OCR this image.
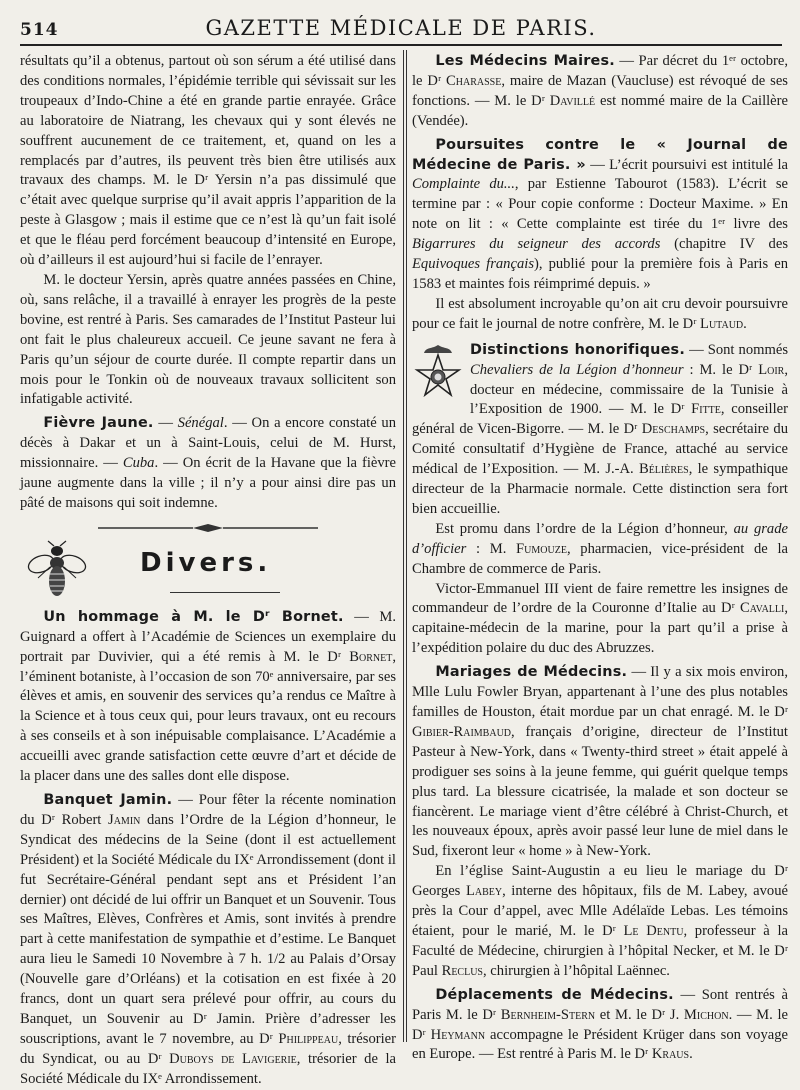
514	GAZETTE MÉDICALE DE PARIS.

résultats qu’il a obtenus, partout où son sérum a été utilisé dans des conditions normales, l’épidémie terrible qui sévissait sur les troupeaux d’Indo-Chine a été en grande partie enrayée. Grâce au laboratoire de Niatrang, les chevaux qui y sont élevés ne souffrent aucunement de ce traitement, et, quand on les a remplacés par d’autres, ils peuvent très bien être utilisés aux travaux des champs. M. le Dʳ Yersin n’a pas dissimulé que c’était avec quelque surprise qu’il avait appris l’apparition de la peste à Glasgow ; mais il estime que ce n’est là qu’un fait isolé et que le fléau perd forcément beaucoup d’intensité en Europe, où d’ailleurs il est aujourd’hui si facile de l’enrayer.

M. le docteur Yersin, après quatre années passées en Chine, où, sans relâche, il a travaillé à enrayer les progrès de la peste bovine, est rentré à Paris. Ses camarades de l’Institut Pasteur lui ont fait le plus chaleureux accueil. Ce jeune savant ne fera à Paris qu’un séjour de courte durée. Il compte repartir dans un mois pour le Tonkin où de nouveaux travaux sollicitent son infatigable activité.

Fièvre Jaune. — Sénégal. — On a encore constaté un décès à Dakar et un à Saint-Louis, celui de M. Hurst, missionnaire. — Cuba. — On écrit de la Havane que la fièvre jaune augmente dans la ville ; il n’y a pour ainsi dire pas un pâté de maisons qui soit indemne.

Divers.

Un hommage à M. le Dʳ Bornet. — M. Guignard a offert à l’Académie de Sciences un exemplaire du portrait par Duvivier, qui a été remis à M. le Dʳ Bornet, l’éminent botaniste, à l’occasion de son 70ᵉ anniversaire, par ses élèves et amis, en souvenir des services qu’a rendus ce Maître à la Science et à tous ceux qui, pour leurs travaux, ont eu recours à ses conseils et à son inépuisable complaisance. L’Académie a accueilli avec grande satisfaction cette œuvre d’art et décide de la placer dans une des salles dont elle dispose.

Banquet Jamin. — Pour fêter la récente nomination du Dʳ Robert Jamin dans l’Ordre de la Légion d’honneur, le Syndicat des médecins de la Seine (dont il est actuellement Président) et la Société Médicale du IXᵉ Arrondissement (dont il fut Secrétaire-Général pendant sept ans et Président l’an dernier) ont décidé de lui offrir un Banquet et un Souvenir. Tous ses Maîtres, Elèves, Confrères et Amis, sont invités à prendre part à cette manifestation de sympathie et d’estime. Le Banquet aura lieu le Samedi 10 Novembre à 7 h. 1/2 au Palais d’Orsay (Nouvelle gare d’Orléans) et la cotisation en est fixée à 20 francs, dont un quart sera prélevé pour offrir, au cours du Banquet, un Souvenir au Dʳ Jamin. Prière d’adresser les souscriptions, avant le 7 novembre, au Dʳ Philippeau, trésorier du Syndicat, ou au Dʳ Duboys de Lavigerie, trésorier de la Société Médicale du IXᵉ Arrondissement.

Les Médecins Maires. — Par décret du 1ᵉʳ octobre, le Dʳ Charasse, maire de Mazan (Vaucluse) est révoqué de ses fonctions. — M. le Dʳ Davillé est nommé maire de la Caillère (Vendée).

Poursuites contre le « Journal de Médecine de Paris. » — L’écrit poursuivi est intitulé la Complainte du..., par Estienne Tabourot (1583). L’écrit se termine par : « Pour copie conforme : Docteur Maxime. » En note on lit : « Cette complainte est tirée du 1ᵉʳ livre des Bigarrures du seigneur des accords (chapitre IV des Equivoques français), publié pour la première fois à Paris en 1583 et maintes fois réimprimé depuis. »

Il est absolument incroyable qu’on ait cru devoir poursuivre pour ce fait le journal de notre confrère, M. le Dʳ Lutaud.

Distinctions honorifiques. — Sont nommés Chevaliers de la Légion d’honneur : M. le Dʳ Loir, docteur en médecine, commissaire de la Tunisie à l’Exposition de 1900. — M. le Dʳ Fitte, conseiller général de Vicen-Bigorre. — M. le Dʳ Deschamps, secrétaire du Comité consultatif d’Hygiène de France, attaché au service médical de l’Exposition. — M. J.-A. Bélières, le sympathique directeur de la Pharmacie normale. Cette distinction sera fort bien accueillie.

Est promu dans l’ordre de la Légion d’honneur, au grade d’officier : M. Fumouze, pharmacien, vice-président de la Chambre de commerce de Paris.

Victor-Emmanuel III vient de faire remettre les insignes de commandeur de l’ordre de la Couronne d’Italie au Dʳ Cavalli, capitaine-médecin de la marine, pour la part qu’il a prise à l’expédition polaire du duc des Abruzzes.

Mariages de Médecins. — Il y a six mois environ, Mlle Lulu Fowler Bryan, appartenant à l’une des plus notables familles de Houston, était mordue par un chat enragé. M. le Dʳ Gibier-Raimbaud, français d’origine, directeur de l’Institut Pasteur à New-York, dans « Twenty-third street » était appelé à prodiguer ses soins à la jeune femme, qui guérit quelque temps plus tard. La blessure cicatrisée, la malade et son docteur se fiancèrent. Le mariage vient d’être célébré à Christ-Church, et les nouveaux époux, après avoir passé leur lune de miel dans le Sud, fixeront leur « home » à New-York.

En l’église Saint-Augustin a eu lieu le mariage du Dʳ Georges Labey, interne des hôpitaux, fils de M. Labey, avoué près la Cour d’appel, avec Mlle Adélaïde Lebas. Les témoins étaient, pour le marié, M. le Dʳ Le Dentu, professeur à la Faculté de Médecine, chirurgien à l’hôpital Necker, et M. le Dʳ Paul Reclus, chirurgien à l’hôpital Laënnec.

Déplacements de Médecins. — Sont rentrés à Paris M. le Dʳ Bernheim-Stern et M. le Dʳ J. Michon. — M. le Dʳ Heymann accompagne le Président Krüger dans son voyage en Europe. — Est rentré à Paris M. le Dʳ Kraus.
